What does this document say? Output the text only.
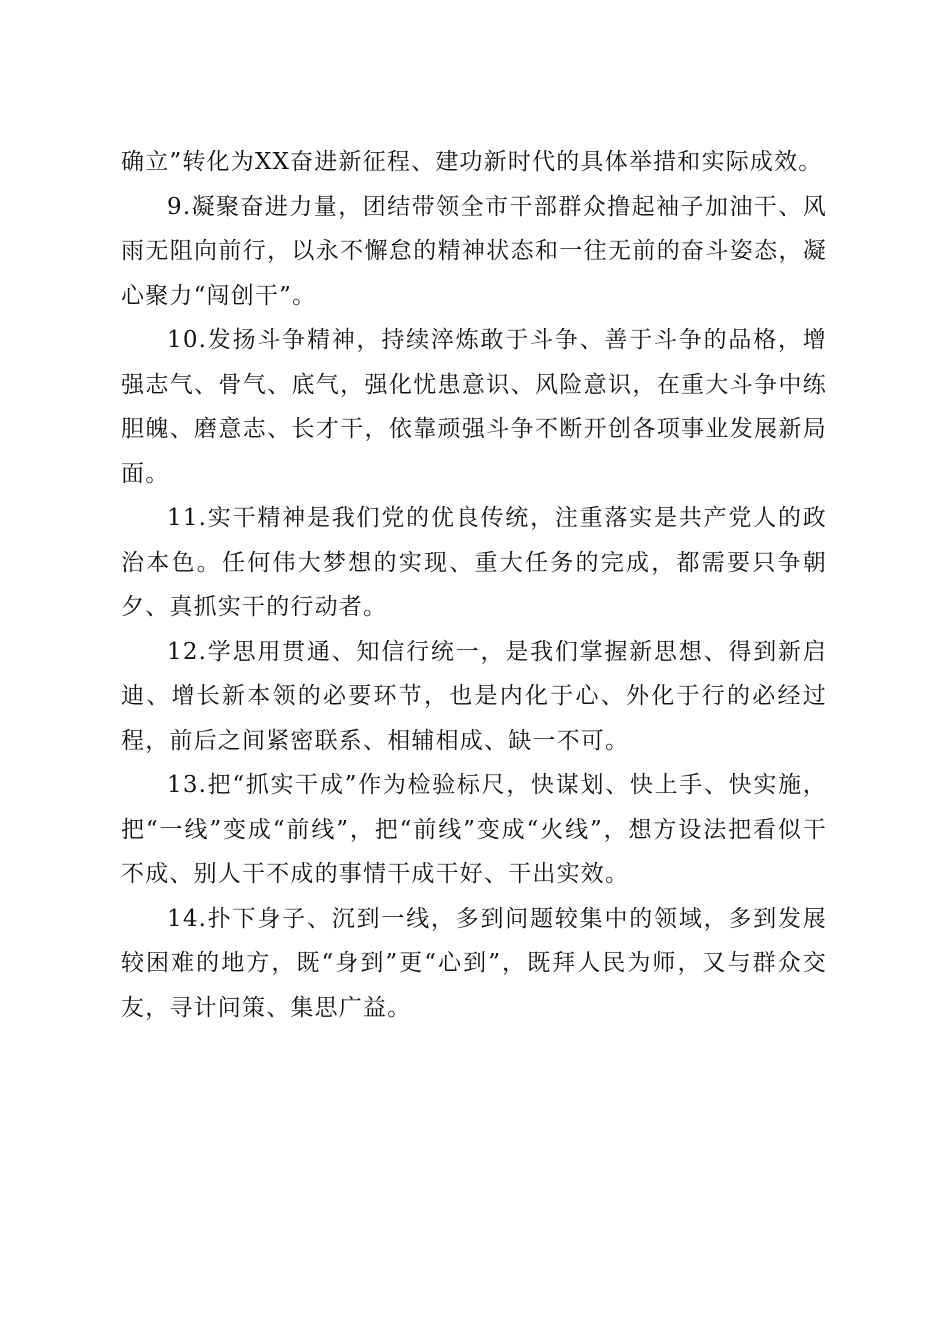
确立”转化为XX奋进新征程、建功新时代的具体举措和实际成效。

9.凝聚奋进力量，团结带领全市干部群众撸起袖子加油干、风雨无阻向前行，以永不懈怠的精神状态和一往无前的奋斗姿态，凝心聚力“闯创干”。

10.发扬斗争精神，持续淬炼敢于斗争、善于斗争的品格，增强志气、骨气、底气，强化忧患意识、风险意识，在重大斗争中练胆魄、磨意志、长才干，依靠顽强斗争不断开创各项事业发展新局面。

11.实干精神是我们党的优良传统，注重落实是共产党人的政治本色。任何伟大梦想的实现、重大任务的完成，都需要只争朝夕、真抓实干的行动者。

12.学思用贯通、知信行统一，是我们掌握新思想、得到新启迪、增长新本领的必要环节，也是内化于心、外化于行的必经过程，前后之间紧密联系、相辅相成、缺一不可。

13.把“抓实干成”作为检验标尺，快谋划、快上手、快实施，把“一线”变成“前线”，把“前线”变成“火线”，想方设法把看似干不成、别人干不成的事情干成干好、干出实效。

14.扑下身子、沉到一线，多到问题较集中的领域，多到发展较困难的地方，既“身到”更“心到”，既拜人民为师，又与群众交友，寻计问策、集思广益。
